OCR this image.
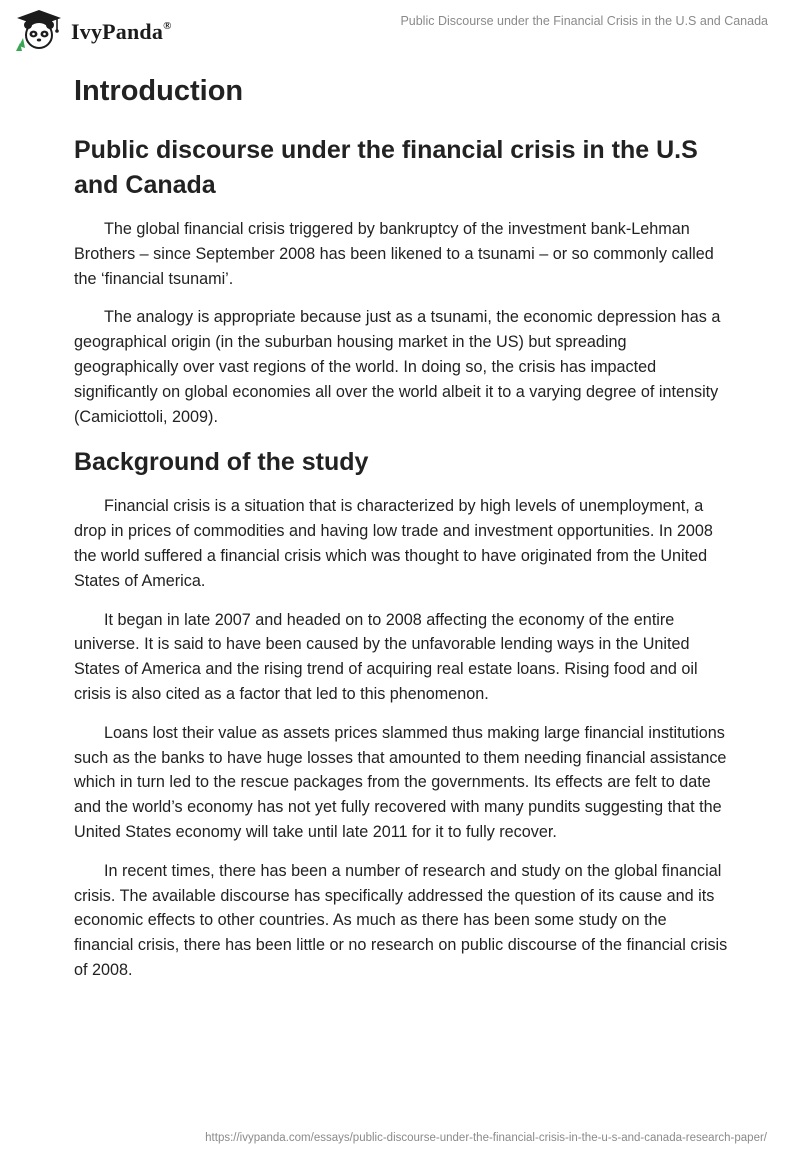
IvyPanda®	Public Discourse under the Financial Crisis in the U.S and Canada
Introduction
Public discourse under the financial crisis in the U.S and Canada

The global financial crisis triggered by bankruptcy of the investment bank-Lehman Brothers – since September 2008 has been likened to a tsunami – or so commonly called the ‘financial tsunami’.

The analogy is appropriate because just as a tsunami, the economic depression has a geographical origin (in the suburban housing market in the US) but spreading geographically over vast regions of the world. In doing so, the crisis has impacted significantly on global economies all over the world albeit it to a varying degree of intensity (Camiciottoli, 2009).

Background of the study

Financial crisis is a situation that is characterized by high levels of unemployment, a drop in prices of commodities and having low trade and investment opportunities. In 2008 the world suffered a financial crisis which was thought to have originated from the United States of America.

It began in late 2007 and headed on to 2008 affecting the economy of the entire universe. It is said to have been caused by the unfavorable lending ways in the United States of America and the rising trend of acquiring real estate loans. Rising food and oil crisis is also cited as a factor that led to this phenomenon.

Loans lost their value as assets prices slammed thus making large financial institutions such as the banks to have huge losses that amounted to them needing financial assistance which in turn led to the rescue packages from the governments. Its effects are felt to date and the world’s economy has not yet fully recovered with many pundits suggesting that the United States economy will take until late 2011 for it to fully recover.

In recent times, there has been a number of research and study on the global financial crisis. The available discourse has specifically addressed the question of its cause and its economic effects to other countries. As much as there has been some study on the financial crisis, there has been little or no research on public discourse of the financial crisis of 2008.

https://ivypanda.com/essays/public-discourse-under-the-financial-crisis-in-the-u-s-and-canada-research-paper/
